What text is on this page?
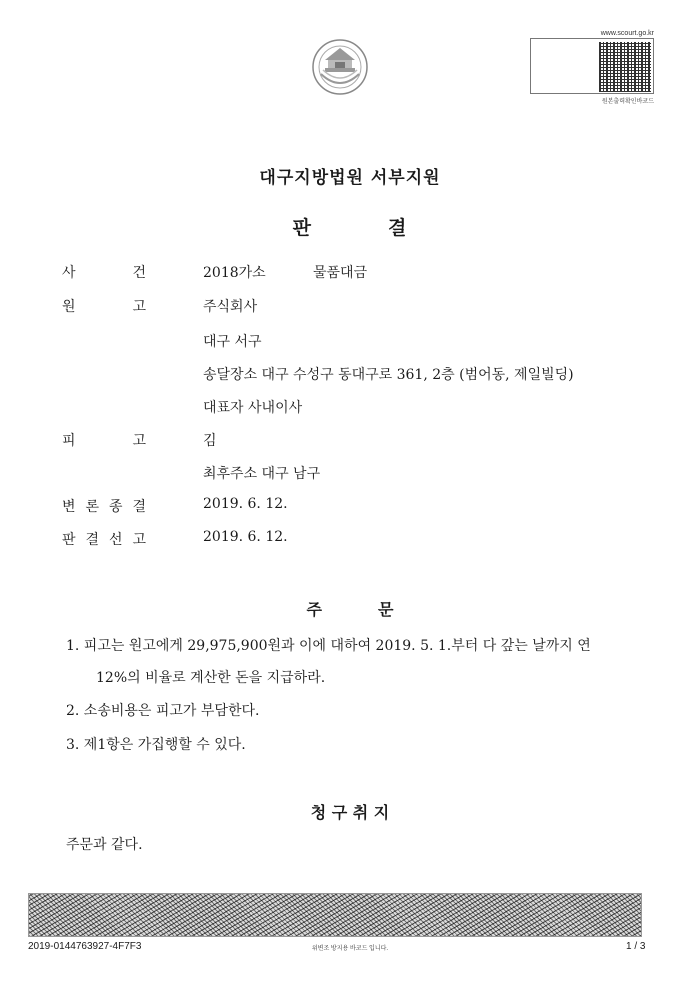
www.scourt.go.kr
원본출력확인바코드
대구지방법원 서부지원
판	결
사	건	2018가소	물품대금
원	고	주식회사
대구 서구
송달장소 대구 수성구 동대구로 361, 2층 (범어동, 제일빌딩)
대표자 사내이사
피	고	김
최후주소 대구 남구
변 론 종 결	2019. 6. 12.
판 결 선 고	2019. 6. 12.
주	문
1. 피고는 원고에게 29,975,900원과 이에 대하여 2019. 5. 1.부터 다 갚는 날까지 연
12%의 비율로 계산한 돈을 지급하라.
2. 소송비용은 피고가 부담한다.
3. 제1항은 가집행할 수 있다.
청 구 취 지
주문과 같다.
2019-0144763927-4F7F3	위변조 방지용 바코드 입니다.	1 / 3
